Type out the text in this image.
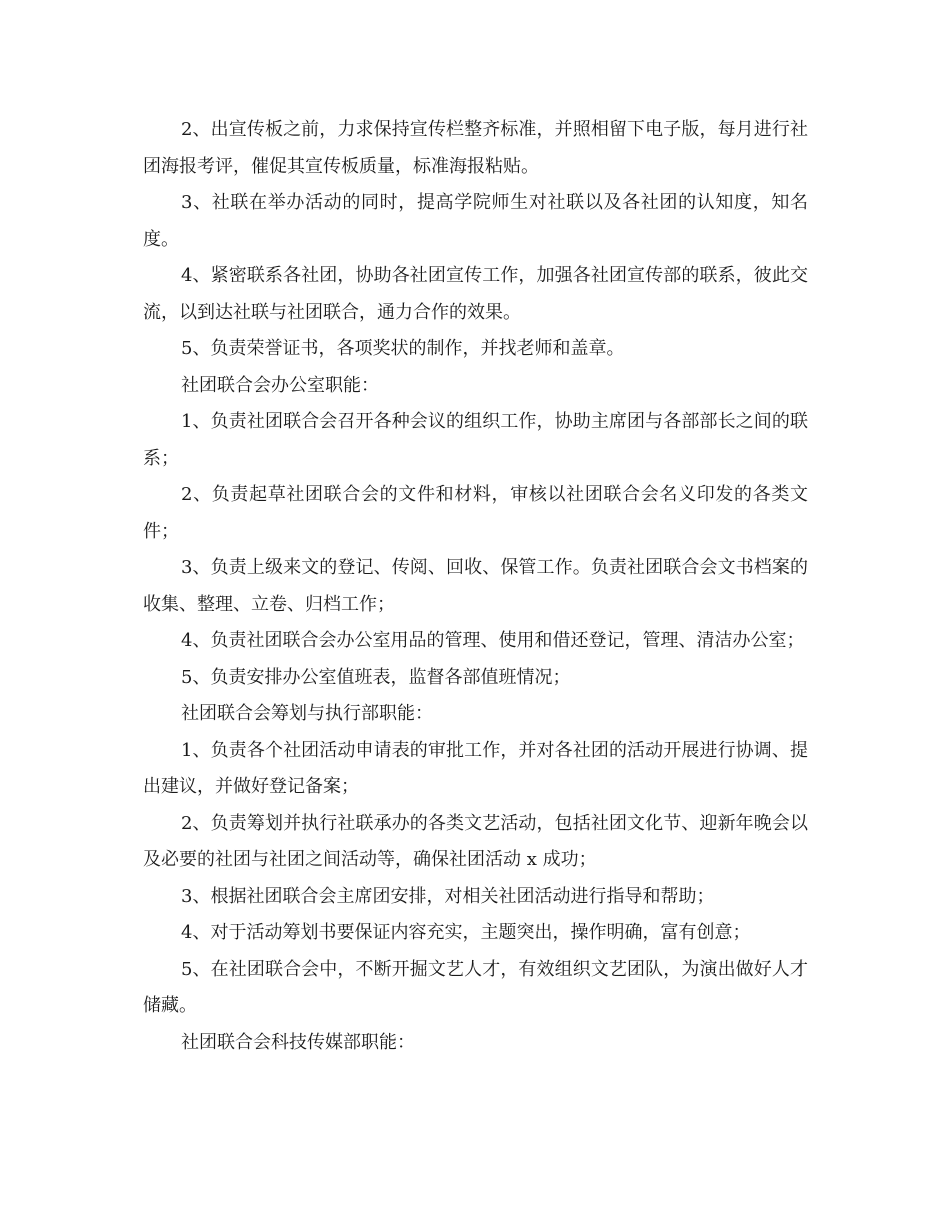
2、出宣传板之前，力求保持宣传栏整齐标准，并照相留下电子版，每月进行社团海报考评，催促其宣传板质量，标准海报粘贴。

3、社联在举办活动的同时，提高学院师生对社联以及各社团的认知度，知名度。

4、紧密联系各社团，协助各社团宣传工作，加强各社团宣传部的联系，彼此交流，以到达社联与社团联合，通力合作的效果。

5、负责荣誉证书，各项奖状的制作，并找老师和盖章。

社团联合会办公室职能：

1、负责社团联合会召开各种会议的组织工作，协助主席团与各部部长之间的联系；

2、负责起草社团联合会的文件和材料，审核以社团联合会名义印发的各类文件；

3、负责上级来文的登记、传阅、回收、保管工作。负责社团联合会文书档案的收集、整理、立卷、归档工作；

4、负责社团联合会办公室用品的管理、使用和借还登记，管理、清洁办公室；

5、负责安排办公室值班表，监督各部值班情况；

社团联合会筹划与执行部职能：

1、负责各个社团活动申请表的审批工作，并对各社团的活动开展进行协调、提出建议，并做好登记备案；

2、负责筹划并执行社联承办的各类文艺活动，包括社团文化节、迎新年晚会以及必要的社团与社团之间活动等，确保社团活动 x 成功；

3、根据社团联合会主席团安排，对相关社团活动进行指导和帮助；

4、对于活动筹划书要保证内容充实，主题突出，操作明确，富有创意；

5、在社团联合会中，不断开掘文艺人才，有效组织文艺团队，为演出做好人才储藏。

社团联合会科技传媒部职能：
